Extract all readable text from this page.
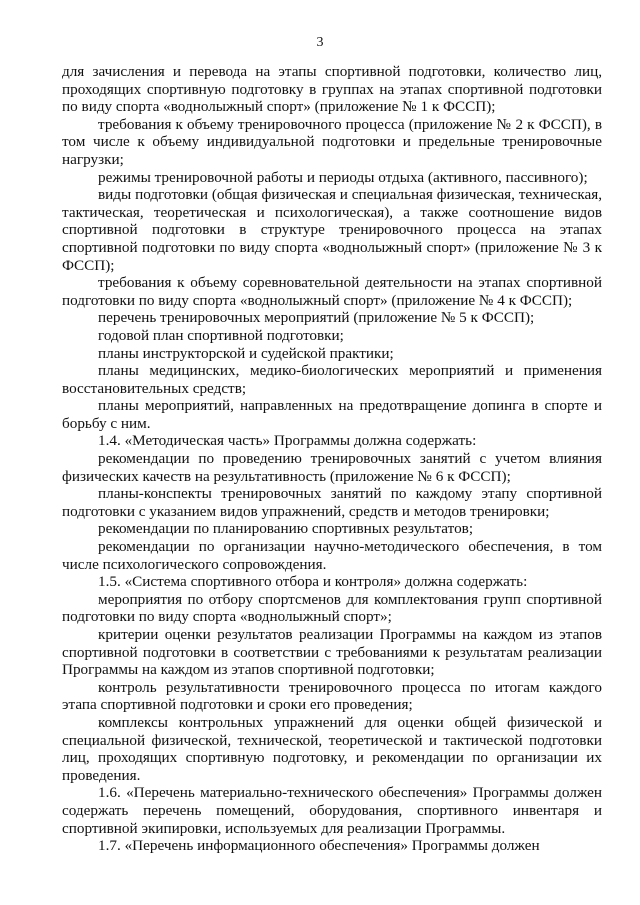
3

для зачисления и перевода на этапы спортивной подготовки, количество лиц, проходящих спортивную подготовку в группах на этапах спортивной подготовки по виду спорта «воднолыжный спорт» (приложение № 1 к ФССП);

требования к объему тренировочного процесса (приложение № 2 к ФССП), в том числе к объему индивидуальной подготовки и предельные тренировочные нагрузки;

режимы тренировочной работы и периоды отдыха (активного, пассивного);

виды подготовки (общая физическая и специальная физическая, техническая, тактическая, теоретическая и психологическая), а также соотношение видов спортивной подготовки в структуре тренировочного процесса на этапах спортивной подготовки по виду спорта «воднолыжный спорт» (приложение № 3 к ФССП);

требования к объему соревновательной деятельности на этапах спортивной подготовки по виду спорта «воднолыжный спорт» (приложение № 4 к ФССП);

перечень тренировочных мероприятий (приложение № 5 к ФССП);

годовой план спортивной подготовки;

планы инструкторской и судейской практики;

планы медицинских, медико-биологических мероприятий и применения восстановительных средств;

планы мероприятий, направленных на предотвращение допинга в спорте и борьбу с ним.

1.4. «Методическая часть» Программы должна содержать:

рекомендации по проведению тренировочных занятий с учетом влияния физических качеств на результативность (приложение № 6 к ФССП);

планы-конспекты тренировочных занятий по каждому этапу спортивной подготовки с указанием видов упражнений, средств и методов тренировки;

рекомендации по планированию спортивных результатов;

рекомендации по организации научно-методического обеспечения, в том числе психологического сопровождения.

1.5. «Система спортивного отбора и контроля» должна содержать:

мероприятия по отбору спортсменов для комплектования групп спортивной подготовки по виду спорта «воднолыжный спорт»;

критерии оценки результатов реализации Программы на каждом из этапов спортивной подготовки в соответствии с требованиями к результатам реализации Программы на каждом из этапов спортивной подготовки;

контроль результативности тренировочного процесса по итогам каждого этапа спортивной подготовки и сроки его проведения;

комплексы контрольных упражнений для оценки общей физической и специальной физической, технической, теоретической и тактической подготовки лиц, проходящих спортивную подготовку, и рекомендации по организации их проведения.

1.6. «Перечень материально-технического обеспечения» Программы должен содержать перечень помещений, оборудования, спортивного инвентаря и спортивной экипировки, используемых для реализации Программы.

1.7. «Перечень информационного обеспечения» Программы должен
